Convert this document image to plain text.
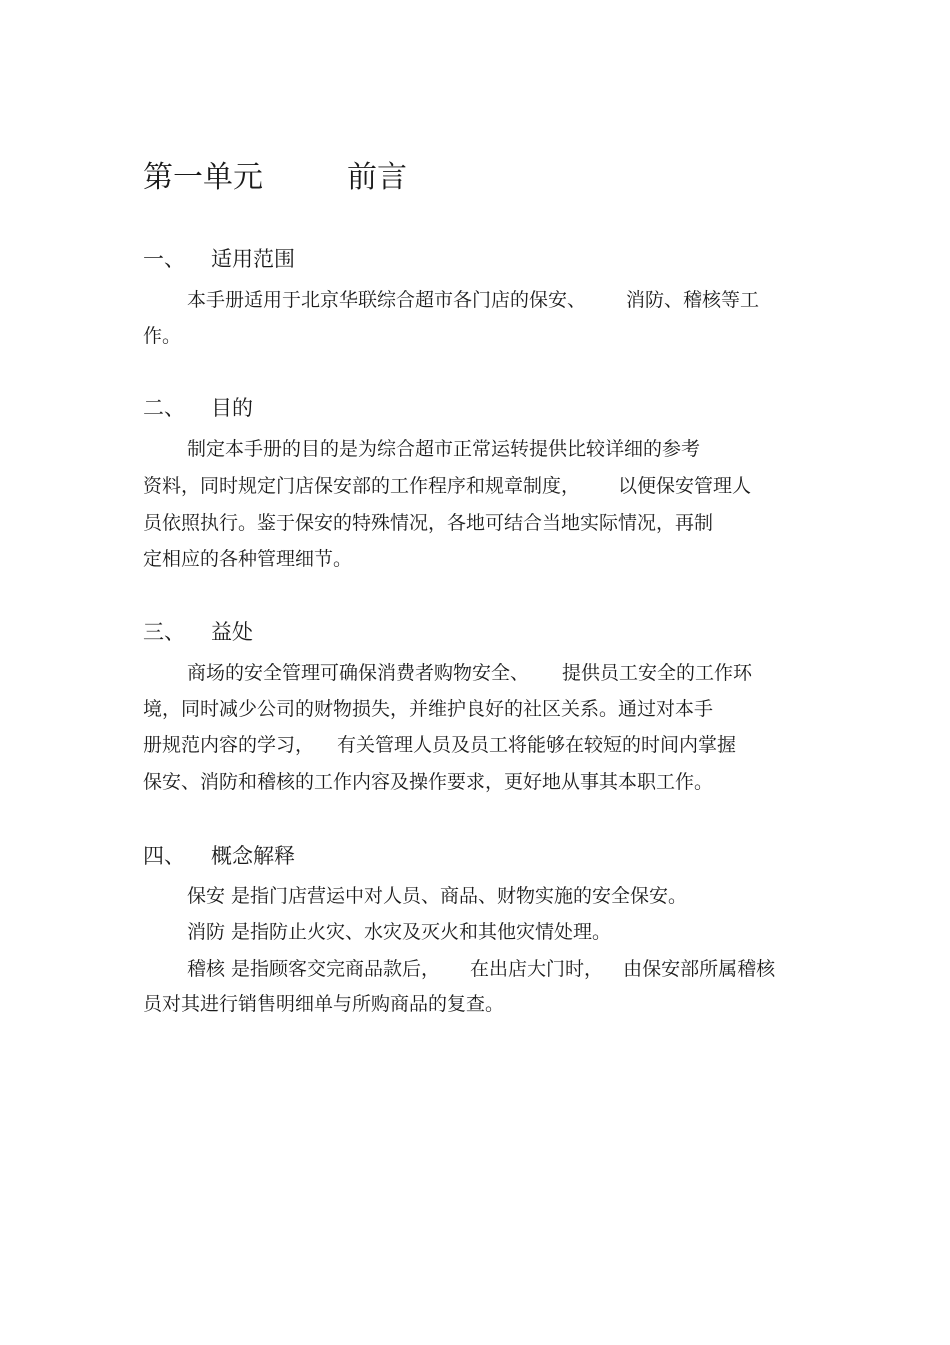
第一单元	前言
一、 适用范围
本手册适用于北京华联综合超市各门店的保安、 消防、稽核等工
作。
二、 目的
制定本手册的目的是为综合超市正常运转提供比较详细的参考
资料，同时规定门店保安部的工作程序和规章制度， 以便保安管理人
员依照执行。鉴于保安的特殊情况，各地可结合当地实际情况，再制
定相应的各种管理细节。
三、 益处
商场的安全管理可确保消费者购物安全、 提供员工安全的工作环
境，同时减少公司的财物损失，并维护良好的社区关系。通过对本手
册规范内容的学习， 有关管理人员及员工将能够在较短的时间内掌握
保安、消防和稽核的工作内容及操作要求，更好地从事其本职工作。
四、 概念解释
保安 是指门店营运中对人员、商品、财物实施的安全保安。
消防 是指防止火灾、水灾及灭火和其他灾情处理。
稽核 是指顾客交完商品款后， 在出店大门时， 由保安部所属稽核
员对其进行销售明细单与所购商品的复查。
